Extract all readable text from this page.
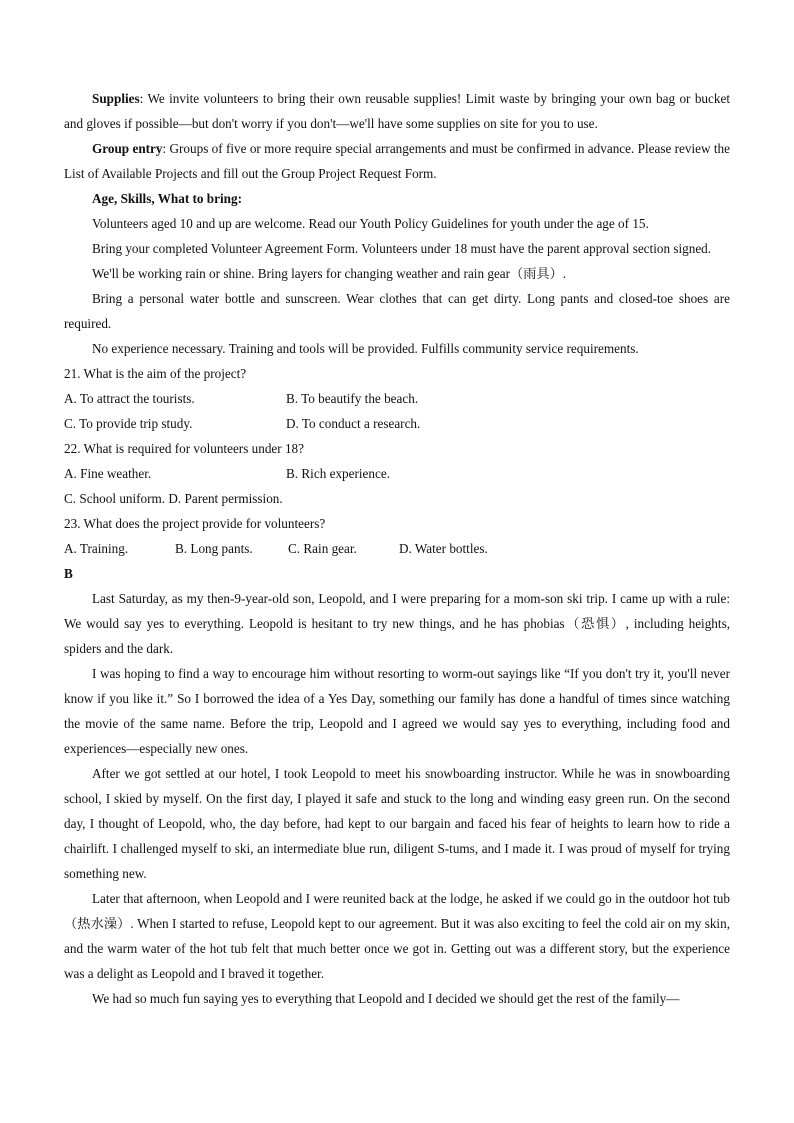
Supplies: We invite volunteers to bring their own reusable supplies! Limit waste by bringing your own bag or bucket and gloves if possible—but don't worry if you don't—we'll have some supplies on site for you to use.

Group entry: Groups of five or more require special arrangements and must be confirmed in advance. Please review the List of Available Projects and fill out the Group Project Request Form.

Age, Skills, What to bring:

Volunteers aged 10 and up are welcome. Read our Youth Policy Guidelines for youth under the age of 15.

Bring your completed Volunteer Agreement Form. Volunteers under 18 must have the parent approval section signed.

We'll be working rain or shine. Bring layers for changing weather and rain gear（雨具）.

Bring a personal water bottle and sunscreen. Wear clothes that can get dirty. Long pants and closed-toe shoes are required.

No experience necessary. Training and tools will be provided. Fulfills community service requirements.

21. What is the aim of the project?

A. To attract the tourists.	B. To beautify the beach.
C. To provide trip study.	D. To conduct a research.

22. What is required for volunteers under 18?

A. Fine weather.	B. Rich experience.
C. School uniform. D. Parent permission.

23. What does the project provide for volunteers?

A. Training.	B. Long pants.	C. Rain gear.	D. Water bottles.

B

Last Saturday, as my then-9-year-old son, Leopold, and I were preparing for a mom-son ski trip. I came up with a rule: We would say yes to everything. Leopold is hesitant to try new things, and he has phobias（恐惧）, including heights, spiders and the dark.

I was hoping to find a way to encourage him without resorting to worm-out sayings like “If you don't try it, you'll never know if you like it.” So I borrowed the idea of a Yes Day, something our family has done a handful of times since watching the movie of the same name. Before the trip, Leopold and I agreed we would say yes to everything, including food and experiences—especially new ones.

After we got settled at our hotel, I took Leopold to meet his snowboarding instructor. While he was in snowboarding school, I skied by myself. On the first day, I played it safe and stuck to the long and winding easy green run. On the second day, I thought of Leopold, who, the day before, had kept to our bargain and faced his fear of heights to learn how to ride a chairlift. I challenged myself to ski, an intermediate blue run, diligent S-tums, and I made it. I was proud of myself for trying something new.

Later that afternoon, when Leopold and I were reunited back at the lodge, he asked if we could go in the outdoor hot tub（热水澡）. When I started to refuse, Leopold kept to our agreement. But it was also exciting to feel the cold air on my skin, and the warm water of the hot tub felt that much better once we got in. Getting out was a different story, but the experience was a delight as Leopold and I braved it together.

We had so much fun saying yes to everything that Leopold and I decided we should get the rest of the family—
